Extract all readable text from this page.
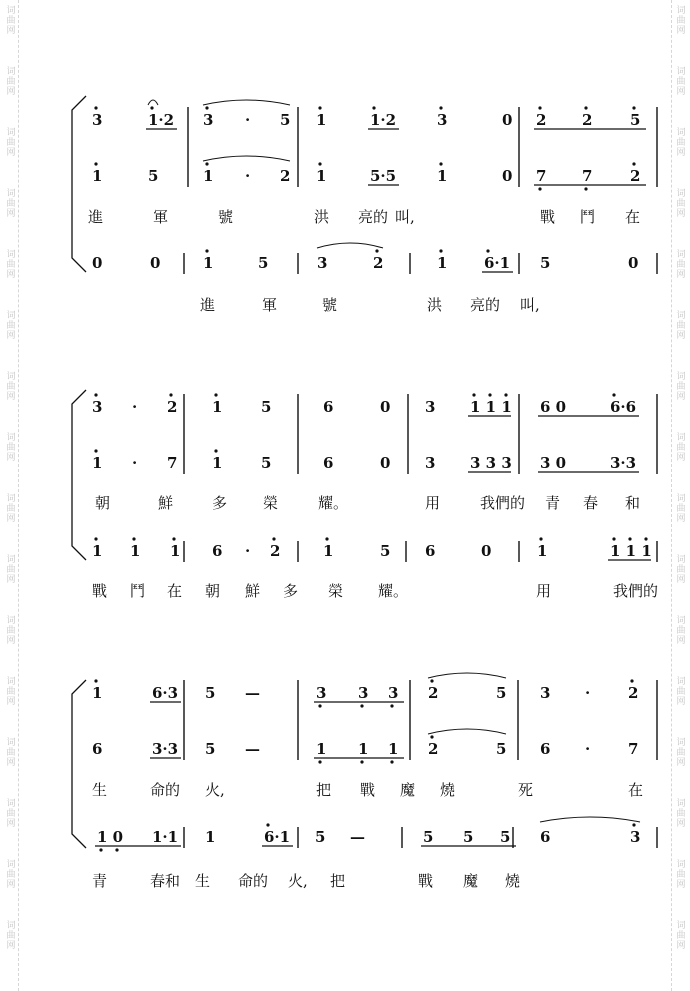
词
曲
网
词
曲
网
词
曲
网
词
曲
网
词
曲
网
词
曲
网
词
曲
网
词
曲
网
词
曲
网
词
曲
网
词
曲
网
词
曲
网
词
曲
网
词
曲
网
词
曲
网
词
曲
网
词
曲
网
词
曲
网
词
曲
网
词
曲
网
词
曲
网
词
曲
网
词
曲
网
词
曲
网
词
曲
网
词
曲
网
词
曲
网
词
曲
网
词
曲
网
词
曲
网
词
曲
网
词
曲
网
3	1·2 3 · 5 1	1·2	3	0 2 2	5
1	5	1 · 2 1	5·5	1	0 7 7	2
進	軍	號	洪 亮的 叫,	戰 鬥 在
0	0	1	5	3	2	1 6·1 5	0
進	軍	號	洪 亮的 叫,
3 · 2 1	5	6	0 3 1 1 1 6 0	6·6
1 · 7 1	5	6	0 3 3 3 3 3 0	3·3
朝	鮮	多 榮	耀。	用	我們的 青 春 和
1 1 1 6 · 2	1	5 6	0	1	1 1 1
戰 鬥 在 朝 鮮 多 榮 耀。	用	我們的
1	6·3 5 —	3 3 3 2	5 3 ·	2
6	3·3 5 —	1 1 1 2	5 6 ·	7
生	命的 火,	把 戰 魔 燒	死	在
1 0 1·1 1	6·1 5 —	5 5 5 6	3
青	春和 生 命的 火, 把	戰 魔 燒
